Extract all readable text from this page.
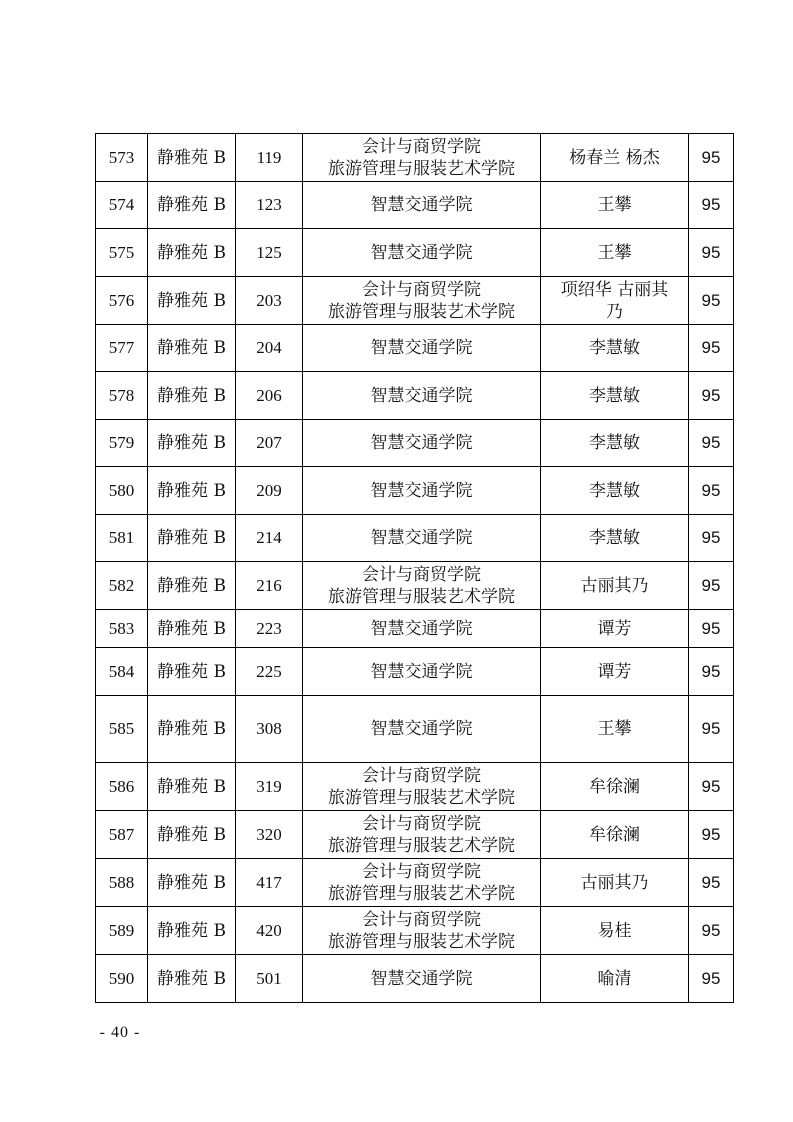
573	静雅苑 B	119	会计与商贸学院
旅游管理与服装艺术学院	杨春兰 杨杰	95
574	静雅苑 B	123	智慧交通学院	王攀	95
575	静雅苑 B	125	智慧交通学院	王攀	95
576	静雅苑 B	203	会计与商贸学院
旅游管理与服装艺术学院	项绍华 古丽其
乃	95
577	静雅苑 B	204	智慧交通学院	李慧敏	95
578	静雅苑 B	206	智慧交通学院	李慧敏	95
579	静雅苑 B	207	智慧交通学院	李慧敏	95
580	静雅苑 B	209	智慧交通学院	李慧敏	95
581	静雅苑 B	214	智慧交通学院	李慧敏	95
582	静雅苑 B	216	会计与商贸学院
旅游管理与服装艺术学院	古丽其乃	95
583	静雅苑 B	223	智慧交通学院	谭芳	95
584	静雅苑 B	225	智慧交通学院	谭芳	95
585	静雅苑 B	308	智慧交通学院	王攀	95
586	静雅苑 B	319	会计与商贸学院
旅游管理与服装艺术学院	牟徐澜	95
587	静雅苑 B	320	会计与商贸学院
旅游管理与服装艺术学院	牟徐澜	95
588	静雅苑 B	417	会计与商贸学院
旅游管理与服装艺术学院	古丽其乃	95
589	静雅苑 B	420	会计与商贸学院
旅游管理与服装艺术学院	易桂	95
590	静雅苑 B	501	智慧交通学院	喻清	95
- 40 -
